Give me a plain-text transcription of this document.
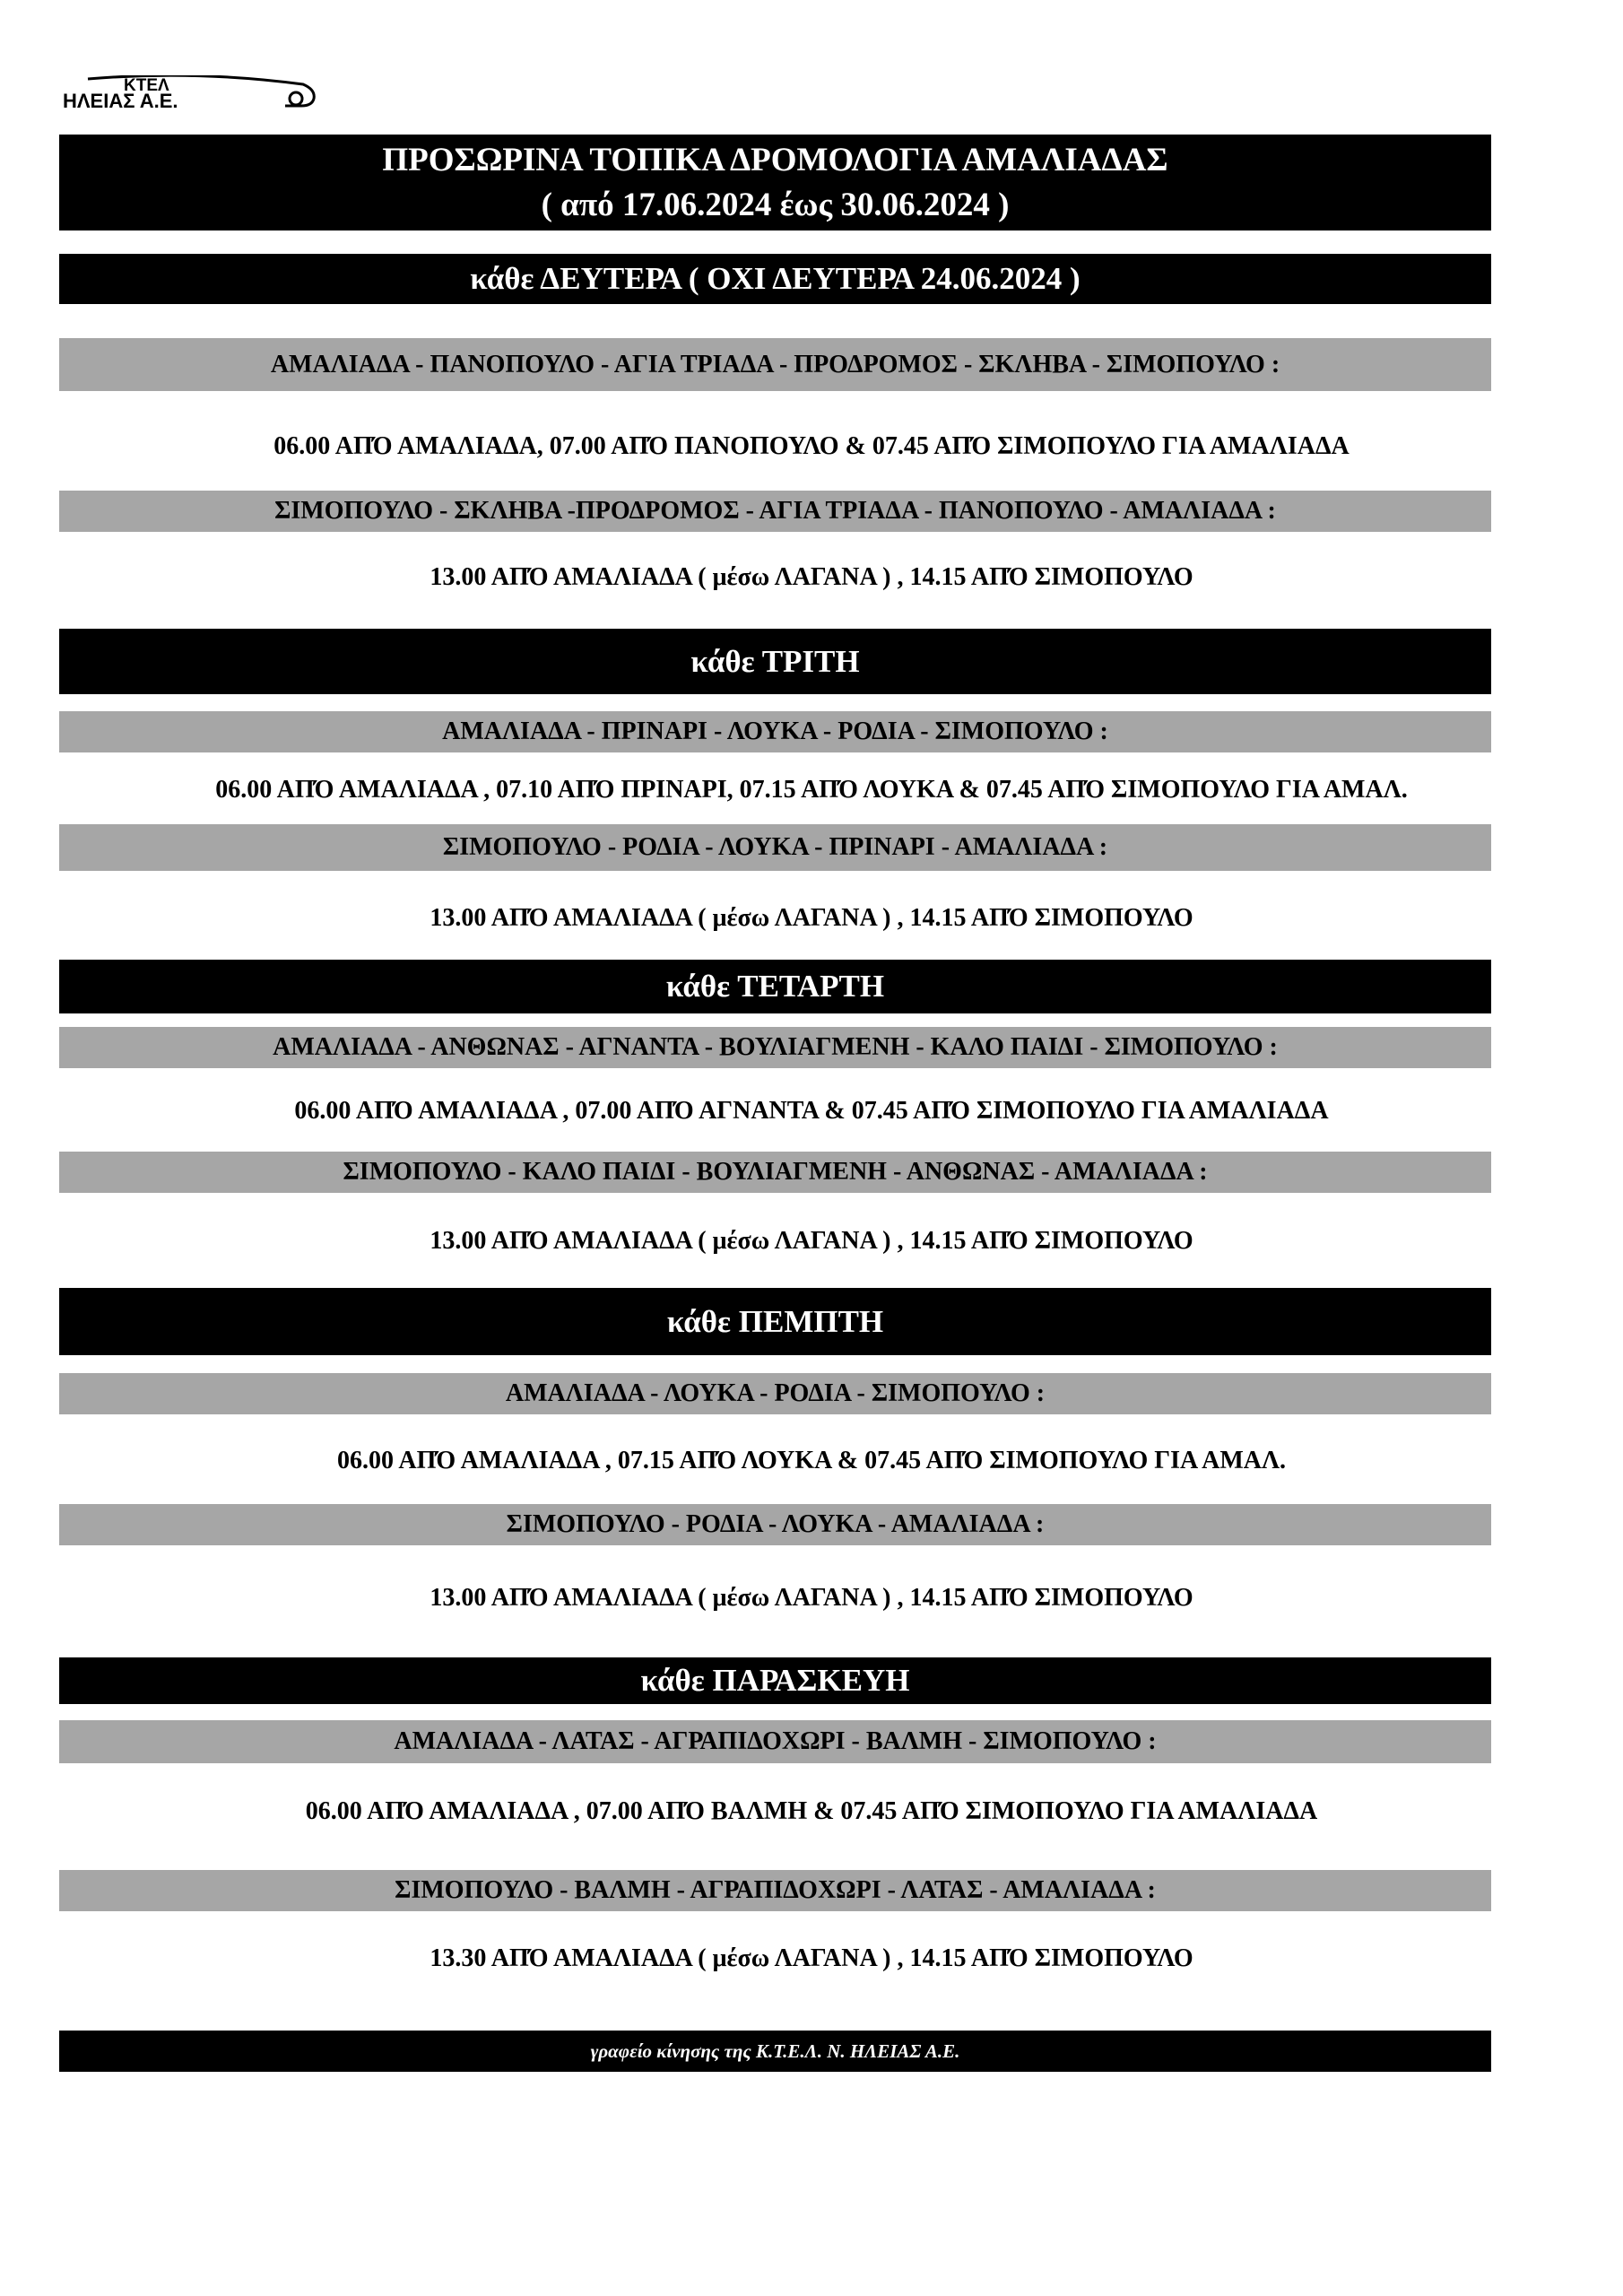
ΚΤΕΛ
ΗΛΕΙΑΣ Α.Ε.
ΠΡΟΣΩΡΙΝΑ ΤΟΠΙΚΑ ΔΡΟΜΟΛΟΓΙΑ ΑΜΑΛΙΑΔΑΣ
( από 17.06.2024 έως 30.06.2024 )
κάθε ΔΕΥΤΕΡΑ ( ΟΧΙ ΔΕΥΤΕΡΑ 24.06.2024 )
ΑΜΑΛΙΑΔΑ - ΠΑΝΟΠΟΥΛΟ - ΑΓΙΑ ΤΡΙΑΔΑ - ΠΡΟΔΡΟΜΟΣ - ΣΚΛΗΒΑ - ΣΙΜΟΠΟΥΛΟ :
06.00 ΑΠΌ ΑΜΑΛΙΑΔΑ, 07.00 ΑΠΌ ΠΑΝΟΠΟΥΛΟ & 07.45 ΑΠΌ ΣΙΜΟΠΟΥΛΟ ΓΙΑ ΑΜΑΛΙΑΔΑ
ΣΙΜΟΠΟΥΛΟ - ΣΚΛΗΒΑ -ΠΡΟΔΡΟΜΟΣ - ΑΓΙΑ ΤΡΙΑΔΑ - ΠΑΝΟΠΟΥΛΟ - ΑΜΑΛΙΑΔΑ :
13.00 ΑΠΌ ΑΜΑΛΙΑΔΑ ( μέσω ΛΑΓΑΝΑ ) , 14.15 ΑΠΌ ΣΙΜΟΠΟΥΛΟ
κάθε ΤΡΙΤΗ
ΑΜΑΛΙΑΔΑ - ΠΡΙΝΑΡΙ - ΛΟΥΚΑ - ΡΟΔΙΑ - ΣΙΜΟΠΟΥΛΟ :
06.00 ΑΠΌ ΑΜΑΛΙΑΔΑ , 07.10 ΑΠΌ ΠΡΙΝΑΡΙ, 07.15 ΑΠΌ ΛΟΥΚΑ & 07.45 ΑΠΌ ΣΙΜΟΠΟΥΛΟ ΓΙΑ ΑΜΑΛ.
ΣΙΜΟΠΟΥΛΟ - ΡΟΔΙΑ - ΛΟΥΚΑ - ΠΡΙΝΑΡΙ - ΑΜΑΛΙΑΔΑ :
13.00 ΑΠΌ ΑΜΑΛΙΑΔΑ ( μέσω ΛΑΓΑΝΑ ) , 14.15 ΑΠΌ ΣΙΜΟΠΟΥΛΟ
κάθε ΤΕΤΑΡΤΗ
ΑΜΑΛΙΑΔΑ - ΑΝΘΩΝΑΣ - ΑΓΝΑΝΤΑ - ΒΟΥΛΙΑΓΜΕΝΗ - ΚΑΛΟ ΠΑΙΔΙ - ΣΙΜΟΠΟΥΛΟ :
06.00 ΑΠΌ ΑΜΑΛΙΑΔΑ , 07.00 ΑΠΌ ΑΓΝΑΝΤΑ & 07.45 ΑΠΌ ΣΙΜΟΠΟΥΛΟ ΓΙΑ ΑΜΑΛΙΑΔΑ
ΣΙΜΟΠΟΥΛΟ - ΚΑΛΟ ΠΑΙΔΙ - ΒΟΥΛΙΑΓΜΕΝΗ - ΑΝΘΩΝΑΣ - ΑΜΑΛΙΑΔΑ :
13.00 ΑΠΌ ΑΜΑΛΙΑΔΑ ( μέσω ΛΑΓΑΝΑ ) , 14.15 ΑΠΌ ΣΙΜΟΠΟΥΛΟ
κάθε ΠΕΜΠΤΗ
ΑΜΑΛΙΑΔΑ - ΛΟΥΚΑ - ΡΟΔΙΑ - ΣΙΜΟΠΟΥΛΟ :
06.00 ΑΠΌ ΑΜΑΛΙΑΔΑ , 07.15 ΑΠΌ ΛΟΥΚΑ & 07.45 ΑΠΌ ΣΙΜΟΠΟΥΛΟ ΓΙΑ ΑΜΑΛ.
ΣΙΜΟΠΟΥΛΟ - ΡΟΔΙΑ - ΛΟΥΚΑ - ΑΜΑΛΙΑΔΑ :
13.00 ΑΠΌ ΑΜΑΛΙΑΔΑ ( μέσω ΛΑΓΑΝΑ ) , 14.15 ΑΠΌ ΣΙΜΟΠΟΥΛΟ
κάθε ΠΑΡΑΣΚΕΥΗ
ΑΜΑΛΙΑΔΑ - ΛΑΤΑΣ - ΑΓΡΑΠΙΔΟΧΩΡΙ - ΒΑΛΜΗ - ΣΙΜΟΠΟΥΛΟ :
06.00 ΑΠΌ ΑΜΑΛΙΑΔΑ , 07.00 ΑΠΌ ΒΑΛΜΗ & 07.45 ΑΠΌ ΣΙΜΟΠΟΥΛΟ ΓΙΑ ΑΜΑΛΙΑΔΑ
ΣΙΜΟΠΟΥΛΟ - ΒΑΛΜΗ - ΑΓΡΑΠΙΔΟΧΩΡΙ - ΛΑΤΑΣ - ΑΜΑΛΙΑΔΑ :
13.30 ΑΠΌ ΑΜΑΛΙΑΔΑ ( μέσω ΛΑΓΑΝΑ ) , 14.15 ΑΠΌ ΣΙΜΟΠΟΥΛΟ
γραφείο κίνησης της Κ.Τ.Ε.Λ. Ν. ΗΛΕΙΑΣ Α.Ε.
